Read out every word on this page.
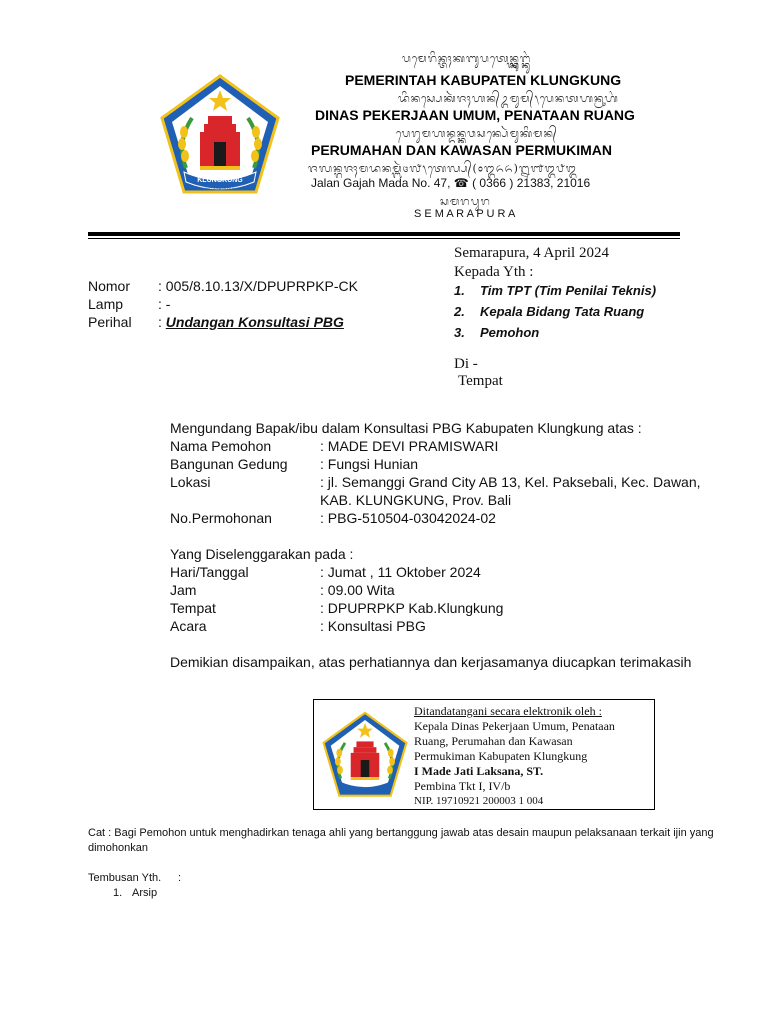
KLUNGKUNG
DHARMANING KSATRYA MAHOTAMA
ᬧᬫᬾᬭᬶᬦ᭄ᬢᬄᬓᬩᬸᬧᬢᬾᬦ᭄ᬓ᭄ᬮᬸᬗ᭄ᬓᬸᬂ
PEMERINTAH KABUPATEN KLUNGKUNG
ᬤᬶᬦᬲ᭄ᬧᬾᬓᬃᬚᬄᬳᬦ᭄ᬉᬫᬸᬫ᭄᭞ᬧᬾᬦᬢᬳᬦ᭄ᬭᬸᬳᬂ
DINAS PEKERJAAN UMUM, PENATAAN RUANG
ᬧᬾᬭᬸᬫᬳᬦ᭄ᬤᬦ᭄ᬓᬯᬲᬦ᭄ᬧᬾᬃᬫᬸᬓᬶᬫᬦ᭄
PERUMAHAN DAN KAWASAN PERMUKIMAN
ᬚᬮᬦ᭄ᬕᬚᬄᬫᬤᬦᬫ᭄ᬩᬃ᭔᭗᭞ᬢᬾᬮ᭄ᬧ᭄(᭐᭓᭖᭖)᭒᭑᭓᭘᭓
Jalan Gajah Mada No. 47, ☎ ( 0366 ) 21383, 21016
ᬲᬫᬭᬧᬸᬭ
S E M A R A P U R A
Semarapura, 4 April 2024
Kepada Yth :
1. Tim TPT (Tim Penilai Teknis)
2. Kepala Bidang Tata Ruang
3. Pemohon
Di -
Tempat
Nomor : 005/8.10.13/X/DPUPRPKP-CK
Lamp : -
Perihal : Undangan Konsultasi PBG
Mengundang Bapak/ibu dalam Konsultasi PBG Kabupaten Klungkung atas :
Nama Pemohon	: MADE DEVI PRAMISWARI
Bangunan Gedung : Fungsi Hunian
Lokasi	: jl. Semanggi Grand City AB 13, Kel. Paksebali, Kec. Dawan,
KAB. KLUNGKUNG, Prov. Bali
No.Permohonan	: PBG-510504-03042024-02
Yang Diselenggarakan pada :
Hari/Tanggal	: Jumat , 11 Oktober 2024
Jam	: 09.00 Wita
Tempat	: DPUPRPKP Kab.Klungkung
Acara	: Konsultasi PBG
Demikian disampaikan, atas perhatiannya dan kerjasamanya diucapkan terimakasih
Ditandatangani secara elektronik oleh :
Kepala Dinas Pekerjaan Umum, Penataan
Ruang, Perumahan dan Kawasan
Permukiman Kabupaten Klungkung
I Made Jati Laksana, ST.
Pembina Tkt I, IV/b
NIP. 19710921 200003 1 004
Cat : Bagi Pemohon untuk menghadirkan tenaga ahli yang bertanggung jawab atas desain maupun pelaksanaan terkait ijin yang
dimohonkan
Tembusan Yth. :
1. Arsip
